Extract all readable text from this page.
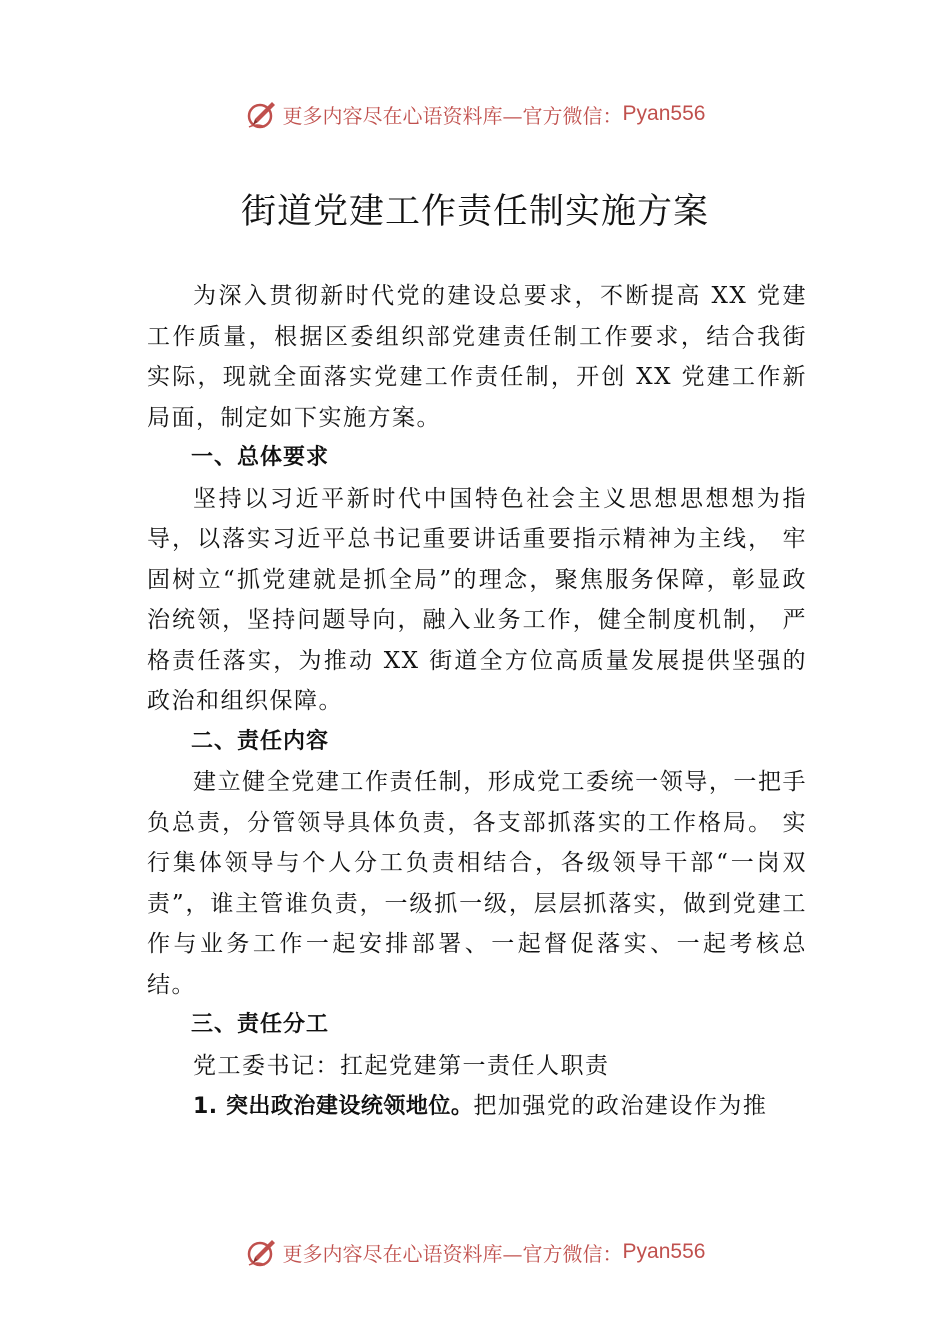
更多内容尽在心语资料库—官方微信： Pyan556
街道党建工作责任制实施方案

为深入贯彻新时代党的建设总要求，不断提高 XX 党建工作质量，根据区委组织部党建责任制工作要求，结合我街实际，现就全面落实党建工作责任制，开创 XX 党建工作新局面，制定如下实施方案。

一、总体要求

坚持以习近平新时代中国特色社会主义思想思想想为指导，以落实习近平总书记重要讲话重要指示精神为主线， 牢固树立“抓党建就是抓全局”的理念，聚焦服务保障，彰显政治统领，坚持问题导向，融入业务工作，健全制度机制， 严格责任落实，为推动 XX 街道全方位高质量发展提供坚强的政治和组织保障。

二、责任内容

建立健全党建工作责任制，形成党工委统一领导，一把手负总责，分管领导具体负责，各支部抓落实的工作格局。 实行集体领导与个人分工负责相结合，各级领导干部“一岗双责”，谁主管谁负责，一级抓一级，层层抓落实，做到党建工作与业务工作一起安排部署、一起督促落实、一起考核总结。

三、责任分工

党工委书记：扛起党建第一责任人职责

1. 突出政治建设统领地位。把加强党的政治建设作为推

更多内容尽在心语资料库—官方微信： Pyan556
